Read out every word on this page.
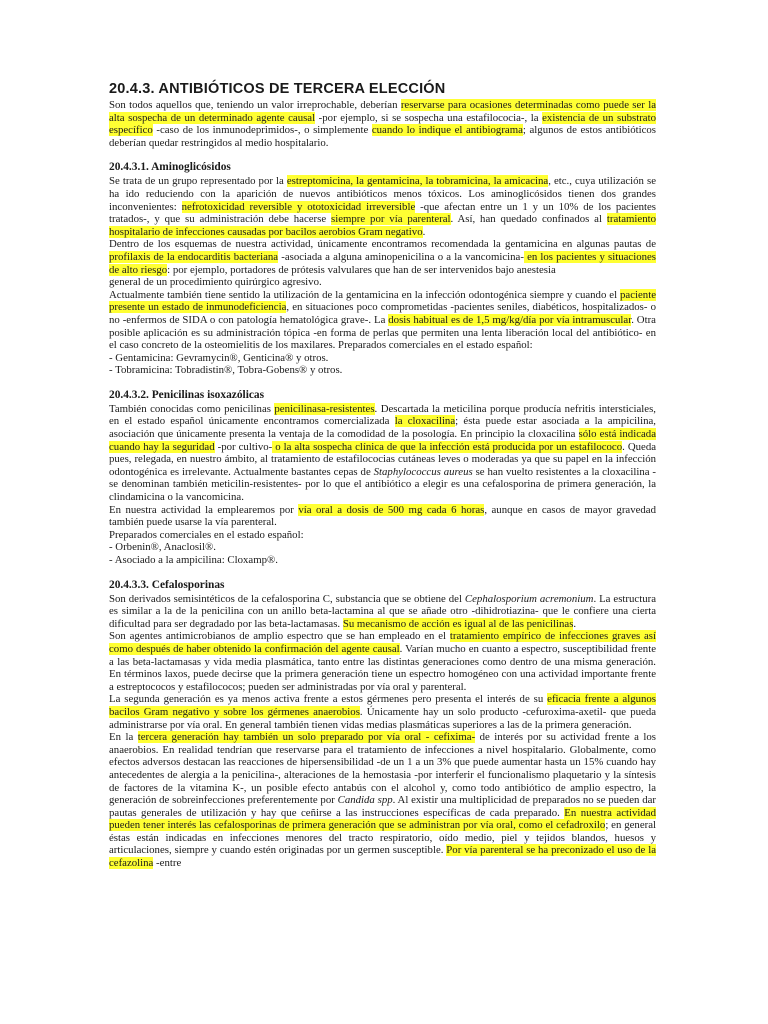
20.4.3. ANTIBIÓTICOS DE TERCERA ELECCIÓN

Son todos aquellos que, teniendo un valor irreprochable, deberían reservarse para ocasiones determinadas como puede ser la alta sospecha de un determinado agente causal -por ejemplo, si se sospecha una estafilococia-, la existencia de un substrato específico -caso de los inmunodeprimidos-, o simplemente cuando lo indique el antibiograma; algunos de estos antibióticos deberían quedar restringidos al medio hospitalario.

20.4.3.1. Aminoglicósidos

Se trata de un grupo representado por la estreptomicina, la gentamicina, la tobramicina, la amicacina, etc., cuya utilización se ha ido reduciendo con la aparición de nuevos antibióticos menos tóxicos. Los aminoglicósidos tienen dos grandes inconvenientes: nefrotoxicidad reversible y ototoxicidad irreversible -que afectan entre un 1 y un 10% de los pacientes tratados-, y que su administración debe hacerse siempre por vía parenteral. Así, han quedado confinados al tratamiento hospitalario de infecciones causadas por bacilos aerobios Gram negativo.

Dentro de los esquemas de nuestra actividad, únicamente encontramos recomendada la gentamicina en algunas pautas de profilaxis de la endocarditis bacteriana -asociada a alguna aminopenicilina o a la vancomicina- en los pacientes y situaciones de alto riesgo: por ejemplo, portadores de prótesis valvulares que han de ser intervenidos bajo anestesia

general de un procedimiento quirúrgico agresivo.

Actualmente también tiene sentido la utilización de la gentamicina en la infección odontogénica siempre y cuando el paciente presente un estado de inmunodeficiencia, en situaciones poco comprometidas -pacientes seniles, diabéticos, hospitalizados- o no -enfermos de SIDA o con patología hematológica grave-. La dosis habitual es de 1,5 mg/kg/día por vía intramuscular. Otra posible aplicación es su administración tópica -en forma de perlas que permiten una lenta liberación local del antibiótico- en el caso concreto de la osteomielitis de los maxilares. Preparados comerciales en el estado español:

- Gentamicina: Gevramycin®, Genticina® y otros.

- Tobramicina: Tobradistin®, Tobra-Gobens® y otros.

20.4.3.2. Penicilinas isoxazólicas

También conocidas como penicilinas penicilinasa-resistentes. Descartada la meticilina porque producía nefritis intersticiales, en el estado español únicamente encontramos comercializada la cloxacilina; ésta puede estar asociada a la ampicilina, asociación que únicamente presenta la ventaja de la comodidad de la posología. En principio la cloxacilina sólo está indicada cuando hay la seguridad -por cultivo- o la alta sospecha clínica de que la infección está producida por un estafilococo. Queda pues, relegada, en nuestro ámbito, al tratamiento de estafilococias cutáneas leves o moderadas ya que su papel en la infección odontogénica es irrelevante. Actualmente bastantes cepas de Staphylococcus aureus se han vuelto resistentes a la cloxacilina -se denominan también meticilin-resistentes- por lo que el antibiótico a elegir es una cefalosporina de primera generación, la clindamicina o la vancomicina.

En nuestra actividad la emplearemos por vía oral a dosis de 500 mg cada 6 horas, aunque en casos de mayor gravedad también puede usarse la vía parenteral.

Preparados comerciales en el estado español:

- Orbenin®, Anaclosil®.

- Asociado a la ampicilina: Cloxamp®.

20.4.3.3. Cefalosporinas

Son derivados semisintéticos de la cefalosporina C, substancia que se obtiene del Cephalosporium acremonium. La estructura es similar a la de la penicilina con un anillo beta-lactamina al que se añade otro -dihidrotiazina- que le confiere una cierta dificultad para ser degradado por las beta-lactamasas. Su mecanismo de acción es igual al de las penicilinas.

Son agentes antimicrobianos de amplio espectro que se han empleado en el tratamiento empírico de infecciones graves así como después de haber obtenido la confirmación del agente causal. Varían mucho en cuanto a espectro, susceptibilidad frente a las beta-lactamasas y vida media plasmática, tanto entre las distintas generaciones como dentro de una misma generación. En términos laxos, puede decirse que la primera generación tiene un espectro homogéneo con una actividad importante frente a estreptococos y estafilococos; pueden ser administradas por vía oral y parenteral.

La segunda generación es ya menos activa frente a estos gérmenes pero presenta el interés de su eficacia frente a algunos bacilos Gram negativo y sobre los gérmenes anaerobios. Únicamente hay un solo producto -cefuroxima-axetil- que pueda administrarse por vía oral. En general también tienen vidas medias plasmáticas superiores a las de la primera generación.

En la tercera generación hay también un solo preparado por vía oral - cefixima- de interés por su actividad frente a los anaerobios. En realidad tendrían que reservarse para el tratamiento de infecciones a nivel hospitalario. Globalmente, como efectos adversos destacan las reacciones de hipersensibilidad -de un 1 a un 3% que puede aumentar hasta un 15% cuando hay antecedentes de alergia a la penicilina-, alteraciones de la hemostasia -por interferir el funcionalismo plaquetario y la síntesis de factores de la vitamina K-, un posible efecto antabús con el alcohol y, como todo antibiótico de amplio espectro, la generación de sobreinfecciones preferentemente por Candida spp. Al existir una multiplicidad de preparados no se pueden dar pautas generales de utilización y hay que ceñirse a las instrucciones específicas de cada preparado. En nuestra actividad pueden tener interés las cefalosporinas de primera generación que se administran por vía oral, como el cefadroxilo; en general éstas están indicadas en infecciones menores del tracto respiratorio, oído medio, piel y tejidos blandos, huesos y articulaciones, siempre y cuando estén originadas por un germen susceptible. Por vía parenteral se ha preconizado el uso de la cefazolina -entre
